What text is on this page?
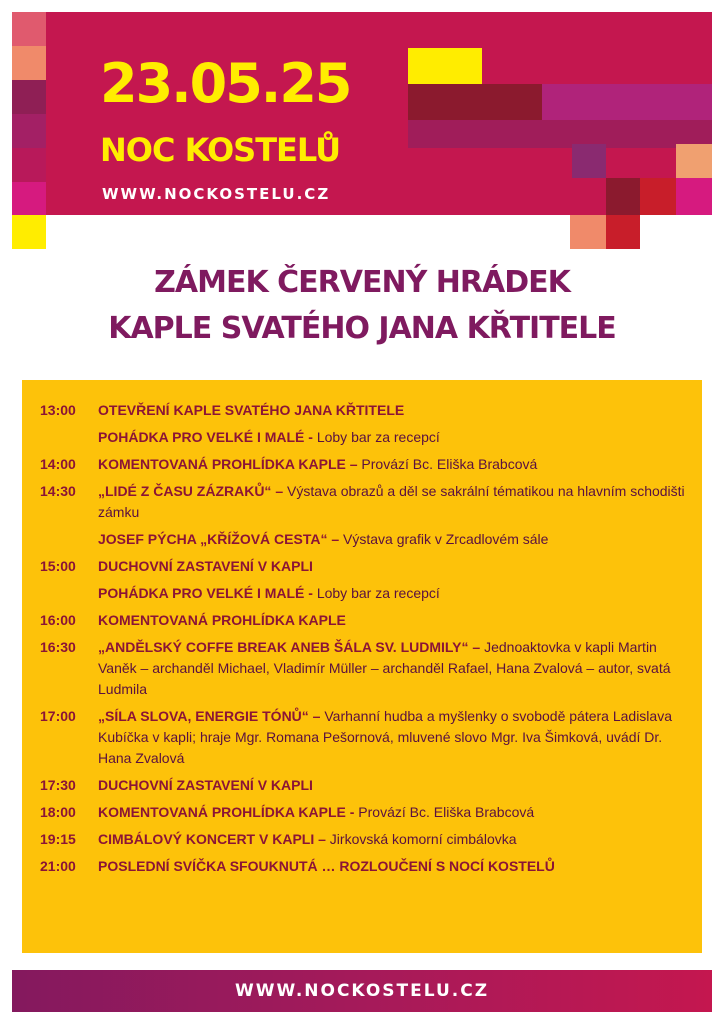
23.05.25
NOC KOSTELŮ
WWW.NOCKOSTELU.CZ

ZÁMEK ČERVENÝ HRÁDEK

KAPLE SVATÉHO JANA KŘTITELE

13:00	OTEVŘENÍ KAPLE SVATÉHO JANA KŘTITELE
POHÁDKA PRO VELKÉ I MALÉ - Loby bar za recepcí
14:00	KOMENTOVANÁ PROHLÍDKA KAPLE – Provází Bc. Eliška Brabcová
14:30	„LIDÉ Z ČASU ZÁZRAKŮ“ – Výstava obrazů a děl se sakrální tématikou na hlavním schodišti zámku
JOSEF PÝCHA „KŘÍŽOVÁ CESTA“ – Výstava grafik v Zrcadlovém sále
15:00	DUCHOVNÍ ZASTAVENÍ V KAPLI
POHÁDKA PRO VELKÉ I MALÉ - Loby bar za recepcí
16:00	KOMENTOVANÁ PROHLÍDKA KAPLE
16:30	„ANDĚLSKÝ COFFE BREAK ANEB ŠÁLA SV. LUDMILY“ – Jednoaktovka v kapli Martin Vaněk – archanděl Michael, Vladimír Müller – archanděl Rafael, Hana Zvalová – autor, svatá Ludmila
17:00	„SÍLA SLOVA, ENERGIE TÓNŮ“ – Varhanní hudba a myšlenky o svobodě pátera Ladislava Kubíčka v kapli; hraje Mgr. Romana Pešornová, mluvené slovo Mgr. Iva Šimková, uvádí Dr. Hana Zvalová
17:30	DUCHOVNÍ ZASTAVENÍ V KAPLI
18:00	KOMENTOVANÁ PROHLÍDKA KAPLE - Provází Bc. Eliška Brabcová
19:15	CIMBÁLOVÝ KONCERT V KAPLI – Jirkovská komorní cimbálovka
21:00	POSLEDNÍ SVÍČKA SFOUKNUTÁ … ROZLOUČENÍ S NOCÍ KOSTELŮ
WWW.NOCKOSTELU.CZ
